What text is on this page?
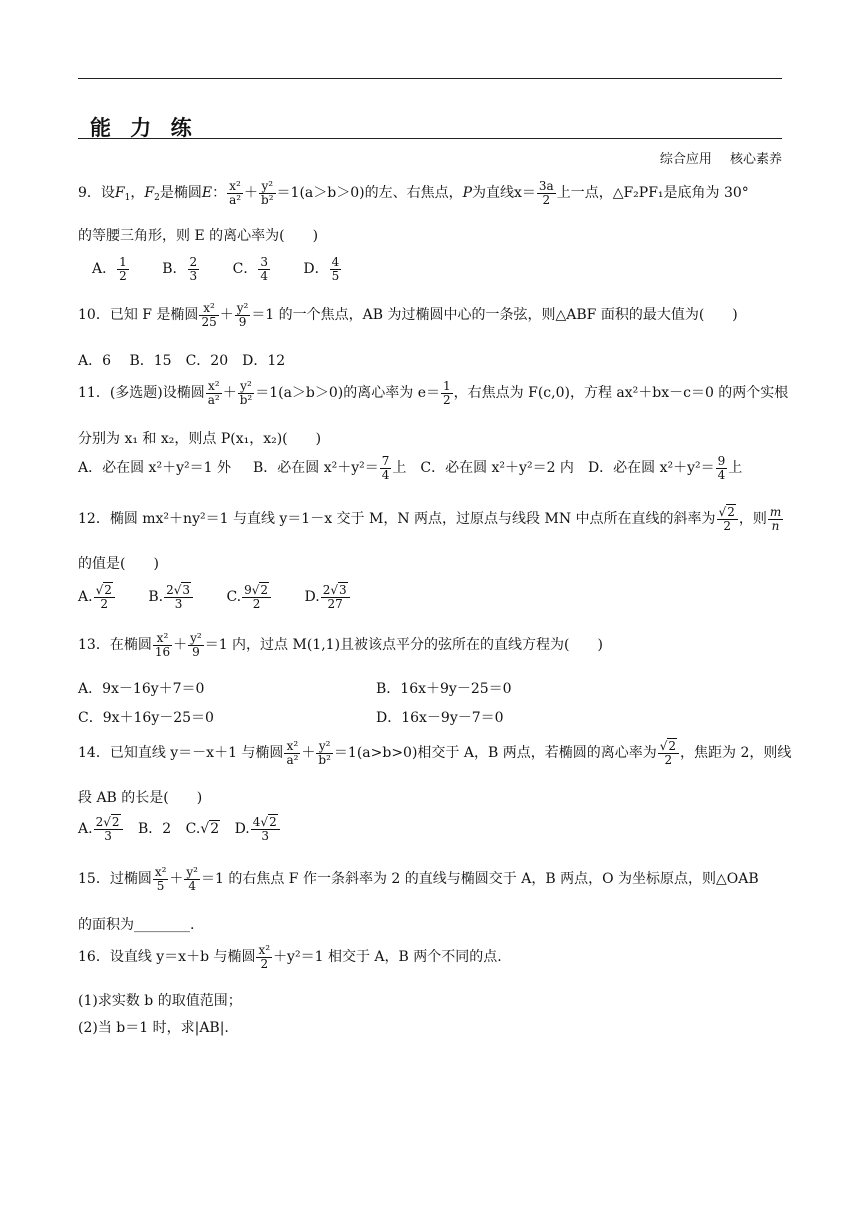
能 力 练
综合应用 核心素养
9．设$F_1$，$F_2$是椭圆E： $\frac{\text{x²}}{\text{a²}} + \frac{\text{y²}}{\text{b²}} =1(a>b>0)$的左、右焦点，P为直线$x= \frac{3a}{2}$ 上一点，△F₂PF₁是底角为 30°
的等腰三角形，则 E 的离心率为(　　)
A． $\frac{1}{2}$ B． $\frac{2}{3}$ C． $\frac{3}{4}$ D． $\frac{4}{5}$
10．已知 F 是椭圆 $\frac{\text{x²}}{25} + \frac{\text{y²}}{9} =1$ 的一个焦点，AB 为过椭圆中心的一条弦，则△ABF 面积的最大值为(　　)
A．6　 B．15　C．20　D．12
11．(多选题)设椭圆 $\frac{\text{x²}}{\text{a²}} + \frac{\text{y²}}{\text{b²}} =1(a>b>0)$的离心率为 $e= \frac{1}{2}$ ，右焦点为 F(c,0)，方程 ax²＋bx－c＝0 的两个实根
分别为 x₁ 和 x₂，则点 P(x₁，x₂)(　　)
A．必在圆 x²＋y²＝1 外 B．必在圆 $x^2+y^2= \frac{7}{4}$ 上 C．必在圆 x²＋y²＝2 内 D．必在圆 $x^2+y^2= \frac{9}{4}$ 上
12．椭圆 mx²＋ny²＝1 与直线 y＝1－x 交于 M，N 两点，过原点与线段 MN 中点所在直线的斜率为 $\frac{√2}{2}$ ，则 $\frac{m}{n}$
的值是(　　)
A. $\frac{√2}{2} B$. $\frac{2√3}{3} C$. $\frac{9√2}{2} D$. $\frac{2√3}{27}$
13．在椭圆 $\frac{\text{x²}}{16} + \frac{\text{y²}}{9} =1$ 内，过点 M(1,1)且被该点平分的弦所在的直线方程为(　　)
A．9x－16y＋7＝0	B．16x＋9y－25＝0
C．9x＋16y－25＝0	D．16x－9y－7＝0
14．已知直线 y＝－x＋1 与椭圆 $\frac{\text{x²}}{\text{a²}} + \frac{\text{y²}}{\text{b²}} =1(a>b>0)$相交于 A，B 两点，若椭圆的离心率为 $\frac{√2}{2}$ ，焦距为 2，则线
段 AB 的长是(　　)
A. $\frac{2√2}{3}$ B．2 C.√2 D. $\frac{4√2}{3}$
15．过椭圆 $\frac{\text{x²}}{5} + \frac{\text{y²}}{4} =1$ 的右焦点 F 作一条斜率为 2 的直线与椭圆交于 A，B 两点，O 为坐标原点，则△OAB
的面积为________.
16．设直线 y＝x＋b 与椭圆 $\frac{\text{x²}}{2} +y^2=1$ 相交于 A，B 两个不同的点.
(1)求实数 b 的取值范围；
(2)当 b＝1 时，求|AB|.
